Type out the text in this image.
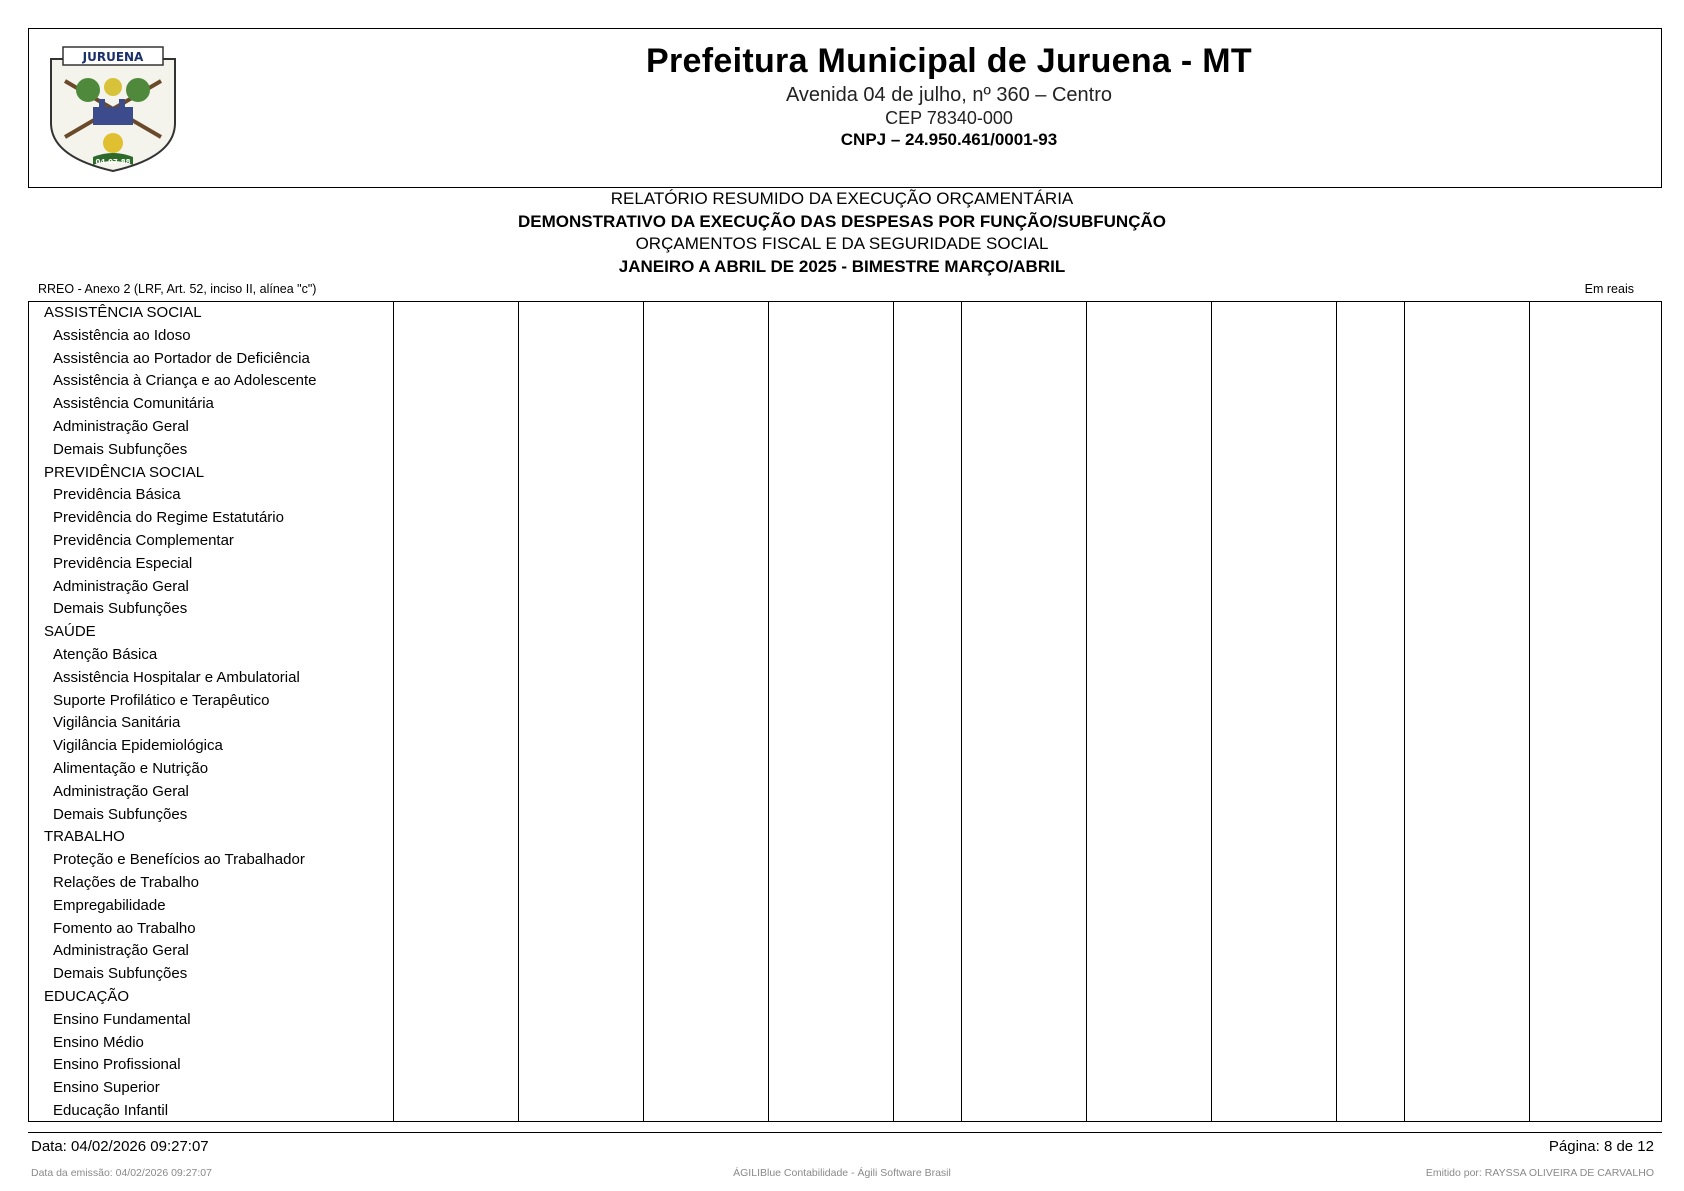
JURUENA
04-07-88
Prefeitura Municipal de Juruena - MT
Avenida 04 de julho, nº 360 – Centro
CEP 78340-000
CNPJ – 24.950.461/0001-93
RELATÓRIO RESUMIDO DA EXECUÇÃO ORÇAMENTÁRIA
DEMONSTRATIVO DA EXECUÇÃO DAS DESPESAS POR FUNÇÃO/SUBFUNÇÃO
ORÇAMENTOS FISCAL E DA SEGURIDADE SOCIAL
JANEIRO A ABRIL DE 2025 - BIMESTRE MARÇO/ABRIL
RREO - Anexo 2 (LRF, Art. 52, inciso II, alínea "c")	Em reais
ASSISTÊNCIA SOCIAL
Assistência ao Idoso
Assistência ao Portador de Deficiência
Assistência à Criança e ao Adolescente
Assistência Comunitária
Administração Geral
Demais Subfunções
PREVIDÊNCIA SOCIAL
Previdência Básica
Previdência do Regime Estatutário
Previdência Complementar
Previdência Especial
Administração Geral
Demais Subfunções
SAÚDE
Atenção Básica
Assistência Hospitalar e Ambulatorial
Suporte Profilático e Terapêutico
Vigilância Sanitária
Vigilância Epidemiológica
Alimentação e Nutrição
Administração Geral
Demais Subfunções
TRABALHO
Proteção e Benefícios ao Trabalhador
Relações de Trabalho
Empregabilidade
Fomento ao Trabalho
Administração Geral
Demais Subfunções
EDUCAÇÃO
Ensino Fundamental
Ensino Médio
Ensino Profissional
Ensino Superior
Educação Infantil
Data: 04/02/2026 09:27:07	Página: 8 de 12
Data da emissão: 04/02/2026 09:27:07	ÁGILIBlue Contabilidade - Ágili Software Brasil	Emitido por: RAYSSA OLIVEIRA DE CARVALHO
